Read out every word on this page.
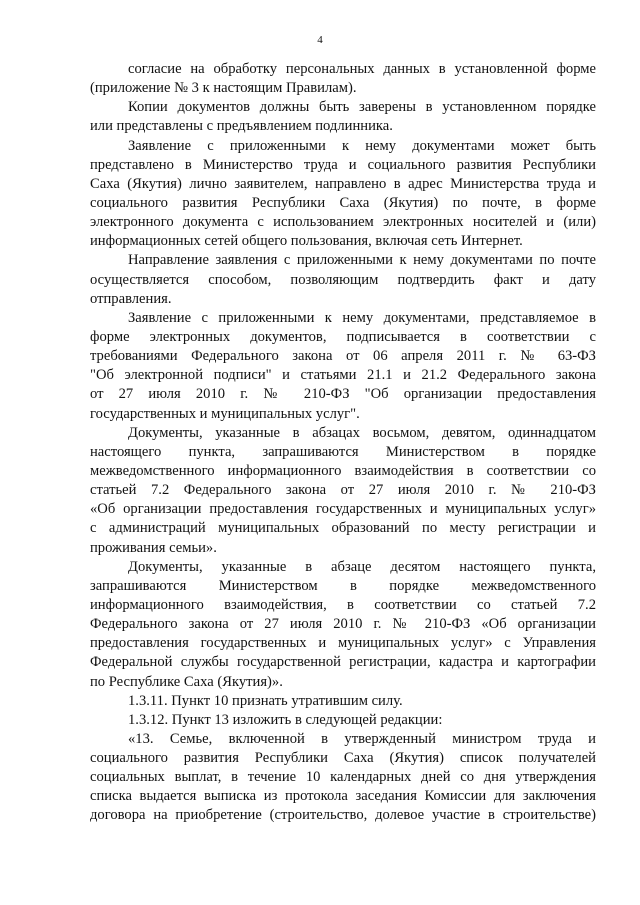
4
согласие на обработку персональных данных в установленной форме
(приложение № 3 к настоящим Правилам).
Копии документов должны быть заверены в установленном порядке
или представлены с предъявлением подлинника.
Заявление с приложенными к нему документами может быть
представлено в Министерство труда и социального развития Республики
Саха (Якутия) лично заявителем, направлено в адрес Министерства труда и
социального развития Республики Саха (Якутия) по почте, в форме
электронного документа с использованием электронных носителей и (или)
информационных сетей общего пользования, включая сеть Интернет.
Направление заявления с приложенными к нему документами по почте
осуществляется способом, позволяющим подтвердить факт и дату
отправления.
Заявление с приложенными к нему документами, представляемое в
форме электронных документов, подписывается в соответствии с
требованиями Федерального закона от 06 апреля 2011 г. № 63-ФЗ
"Об электронной подписи" и статьями 21.1 и 21.2 Федерального закона
от 27 июля 2010 г. № 210-ФЗ "Об организации предоставления
государственных и муниципальных услуг".
Документы, указанные в абзацах восьмом, девятом, одиннадцатом
настоящего пункта, запрашиваются Министерством в порядке
межведомственного информационного взаимодействия в соответствии со
статьей 7.2 Федерального закона от 27 июля 2010 г. № 210-ФЗ
«Об организации предоставления государственных и муниципальных услуг»
с администраций муниципальных образований по месту регистрации и
проживания семьи».
Документы, указанные в абзацe десятом настоящего пункта,
запрашиваются Министерством в порядке межведомственного
информационного взаимодействия, в соответствии со статьей 7.2
Федерального закона от 27 июля 2010 г. № 210-ФЗ «Об организации
предоставления государственных и муниципальных услуг» с Управления
Федеральной службы государственной регистрации, кадастра и картографии
по Республике Саха (Якутия)».
1.3.11. Пункт 10 признать утратившим силу.
1.3.12. Пункт 13 изложить в следующей редакции:
«13. Семье, включенной в утвержденный министром труда и
социального развития Республики Саха (Якутия) список получателей
социальных выплат, в течение 10 календарных дней со дня утверждения
списка выдается выписка из протокола заседания Комиссии для заключения
договора на приобретение (строительство, долевое участие в строительстве)
